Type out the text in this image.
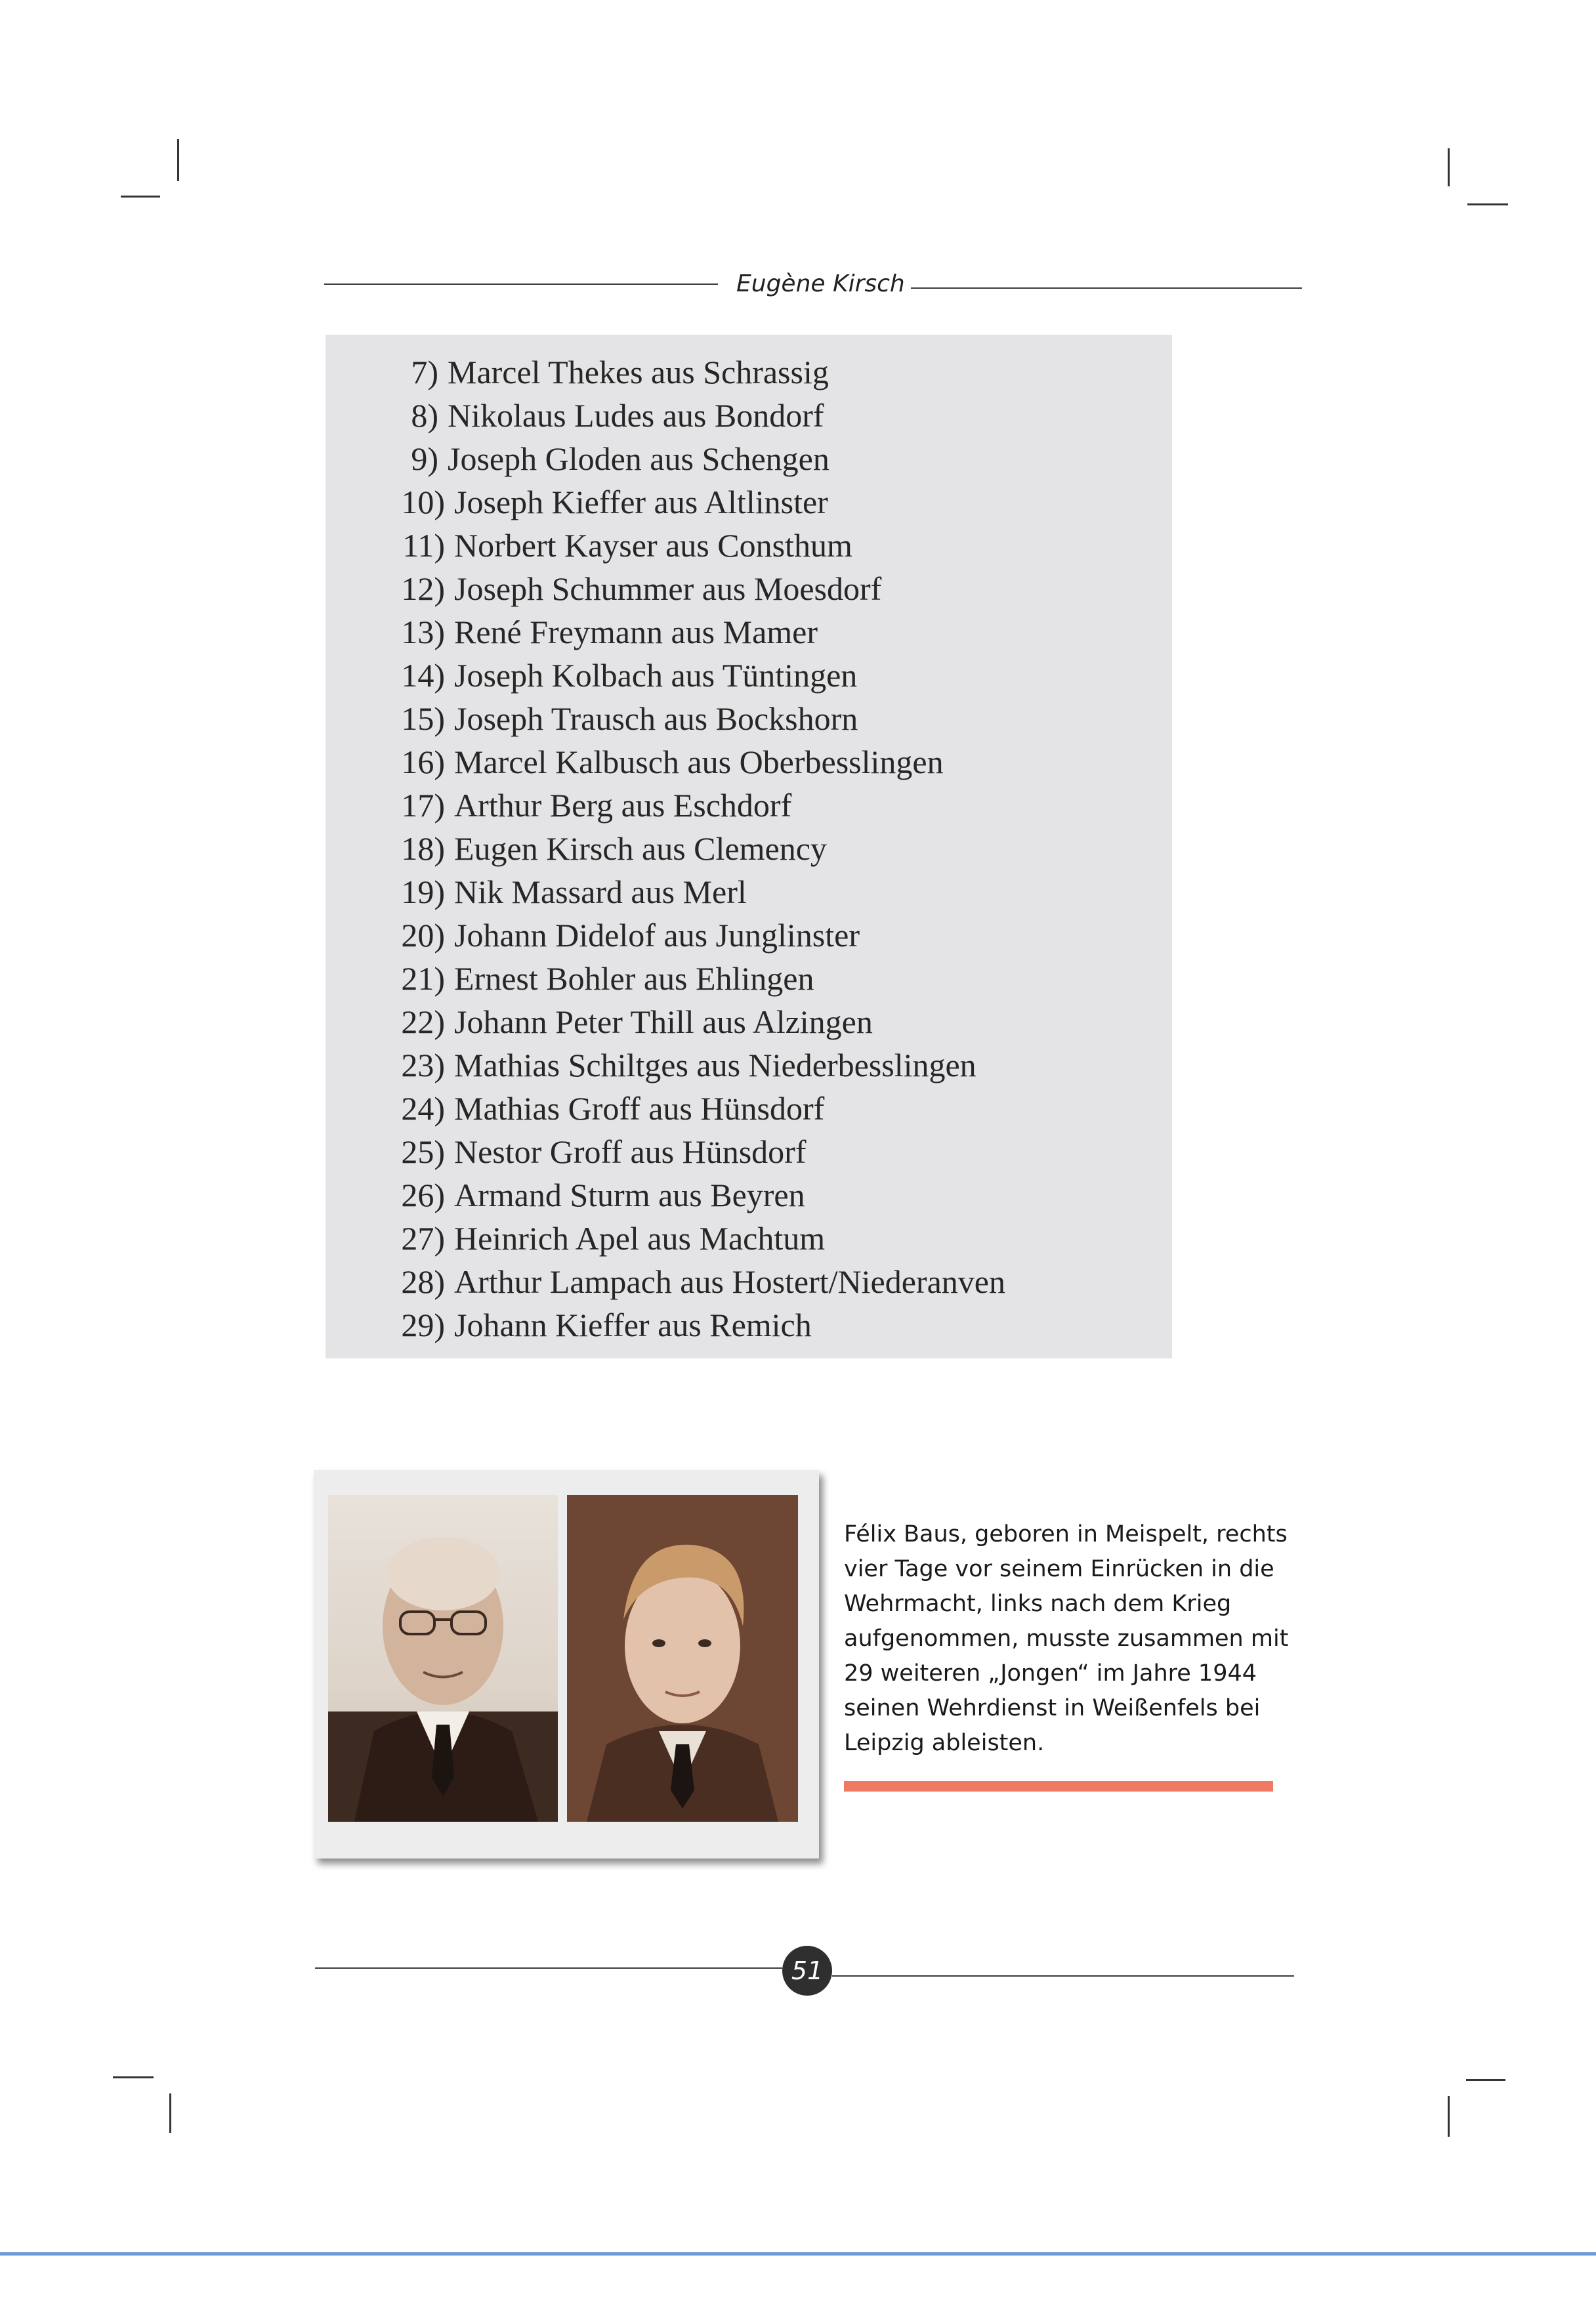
Eugène Kirsch
7) Marcel Thekes aus Schrassig
8) Nikolaus Ludes aus Bondorf
9) Joseph Gloden aus Schengen
10) Joseph Kieffer aus Altlinster
11) Norbert Kayser aus Consthum
12) Joseph Schummer aus Moesdorf
13) René Freymann aus Mamer
14) Joseph Kolbach aus Tüntingen
15) Joseph Trausch aus Bockshorn
16) Marcel Kalbusch aus Oberbesslingen
17) Arthur Berg aus Eschdorf
18) Eugen Kirsch aus Clemency
19) Nik Massard aus Merl
20) Johann Didelof aus Junglinster
21) Ernest Bohler aus Ehlingen
22) Johann Peter Thill aus Alzingen
23) Mathias Schiltges aus Niederbesslingen
24) Mathias Groff aus Hünsdorf
25) Nestor Groff aus Hünsdorf
26) Armand Sturm aus Beyren
27) Heinrich Apel aus Machtum
28) Arthur Lampach aus Hostert/Niederanven
29) Johann Kieffer aus Remich
Félix Baus, geboren in Meispelt, rechts
vier Tage vor seinem Einrücken in die
Wehrmacht, links nach dem Krieg
aufgenommen, musste zusammen mit
29 weiteren „Jongen“ im Jahre 1944
seinen Wehrdienst in Weißenfels bei
Leipzig ableisten.
51
